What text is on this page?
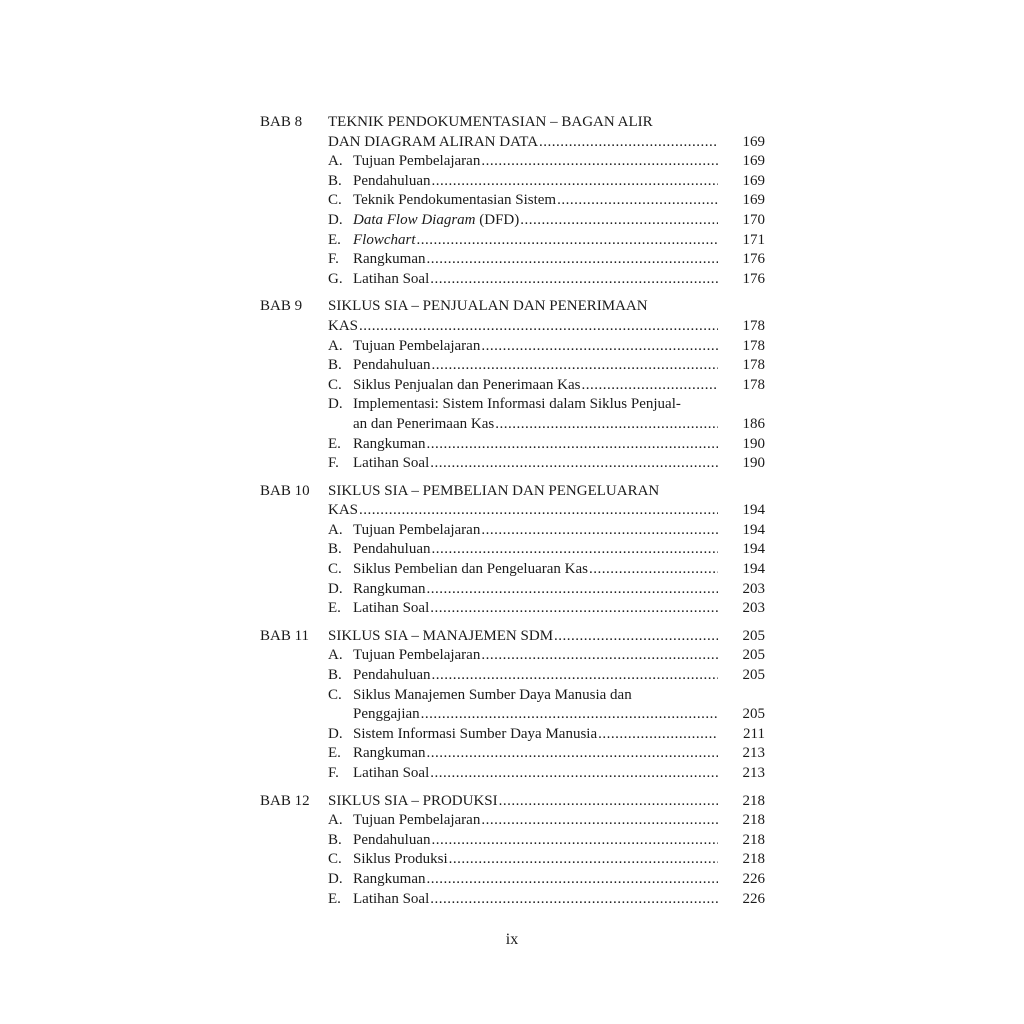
BAB 8	TEKNIK PENDOKUMENTASIAN – BAGAN ALIR
DAN DIAGRAM ALIRAN DATA .....	169
A. Tujuan Pembelajaran .....	169
B. Pendahuluan .....	169
C. Teknik Pendokumentasian Sistem .....	169
D. Data Flow Diagram (DFD) .....	170
E. Flowchart .....	171
F. Rangkuman .....	176
G. Latihan Soal .....	176
BAB 9	SIKLUS SIA – PENJUALAN DAN PENERIMAAN
KAS .....	178
A. Tujuan Pembelajaran .....	178
B. Pendahuluan .....	178
C. Siklus Penjualan dan Penerimaan Kas .....	178
D. Implementasi: Sistem Informasi dalam Siklus Penjual-
an dan Penerimaan Kas .....	186
E. Rangkuman .....	190
F. Latihan Soal .....	190
BAB 10	SIKLUS SIA – PEMBELIAN DAN PENGELUARAN
KAS .....	194
A. Tujuan Pembelajaran .....	194
B. Pendahuluan .....	194
C. Siklus Pembelian dan Pengeluaran Kas .....	194
D. Rangkuman .....	203
E. Latihan Soal .....	203
BAB 11	SIKLUS SIA – MANAJEMEN SDM .....	205
A. Tujuan Pembelajaran .....	205
B. Pendahuluan .....	205
C. Siklus Manajemen Sumber Daya Manusia dan
Penggajian .....	205
D. Sistem Informasi Sumber Daya Manusia .....	211
E. Rangkuman .....	213
F. Latihan Soal .....	213
BAB 12	SIKLUS SIA – PRODUKSI .....	218
A. Tujuan Pembelajaran .....	218
B. Pendahuluan .....	218
C. Siklus Produksi .....	218
D. Rangkuman .....	226
E. Latihan Soal .....	226
ix
